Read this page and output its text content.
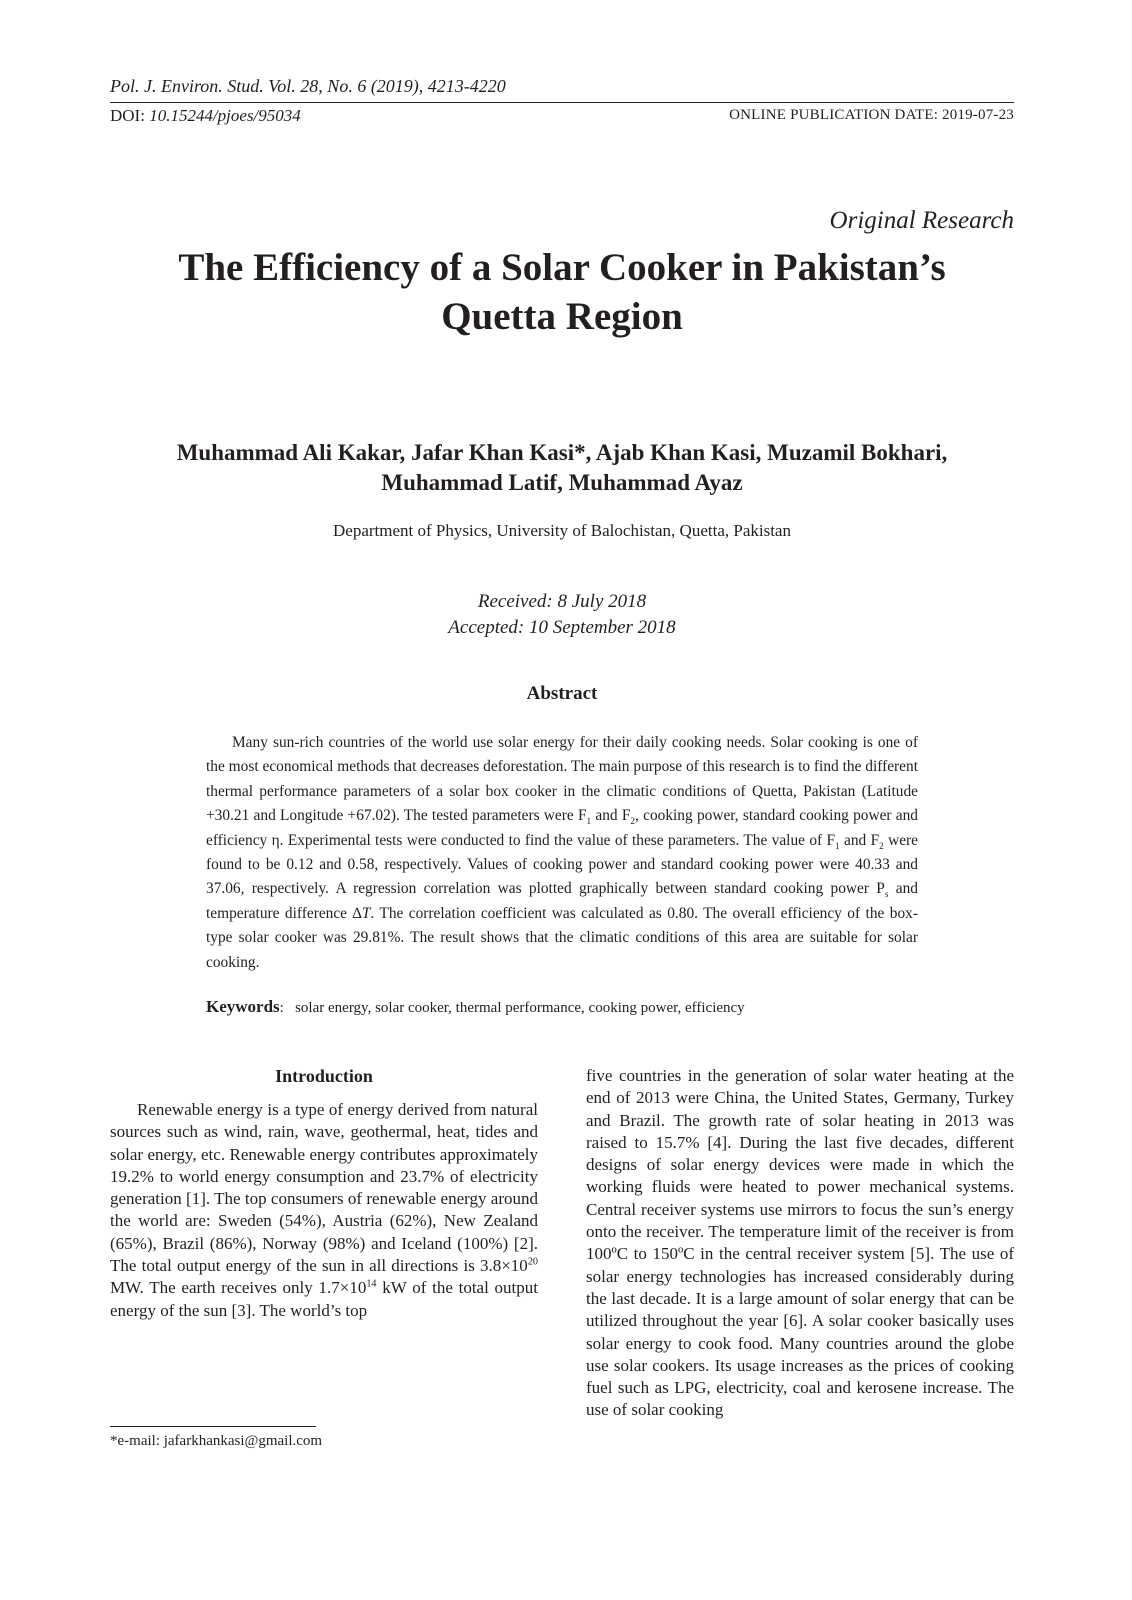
Pol. J. Environ. Stud. Vol. 28, No. 6 (2019), 4213-4220
DOI: 10.15244/pjoes/95034	ONLINE PUBLICATION DATE: 2019-07-23
Original Research
The Efficiency of a Solar Cooker in Pakistan’s
Quetta Region
Muhammad Ali Kakar, Jafar Khan Kasi*, Ajab Khan Kasi, Muzamil Bokhari,
Muhammad Latif, Muhammad Ayaz
Department of Physics, University of Balochistan, Quetta, Pakistan
Received: 8 July 2018
Accepted: 10 September 2018
Abstract

Many sun-rich countries of the world use solar energy for their daily cooking needs. Solar cooking is one of the most economical methods that decreases deforestation. The main purpose of this research is to find the different thermal performance parameters of a solar box cooker in the climatic conditions of Quetta, Pakistan (Latitude +30.21 and Longitude +67.02). The tested parameters were $F_1$ and $F_2$, cooking power, standard cooking power and efficiency η. Experimental tests were conducted to find the value of these parameters. The value of $F_1$ and $F_2$ were found to be 0.12 and 0.58, respectively. Values of cooking power and standard cooking power were 40.33 and 37.06, respectively. A regression correlation was plotted graphically between standard cooking power $P_s$ and temperature difference ∆T. The correlation coefficient was calculated as 0.80. The overall efficiency of the box-type solar cooker was 29.81%. The result shows that the climatic conditions of this area are suitable for solar cooking.

Keywords: solar energy, solar cooker, thermal performance, cooking power, efficiency
Introduction

Renewable energy is a type of energy derived from natural sources such as wind, rain, wave, geothermal, heat, tides and solar energy, etc. Renewable energy contributes approximately 19.2% to world energy consumption and 23.7% of electricity generation [1]. The top consumers of renewable energy around the world are: Sweden (54%), Austria (62%), New Zealand (65%), Brazil (86%), Norway (98%) and Iceland (100%) [2]. The total output energy of the sun in all directions is $3.8\times 10^{20}$ MW. The earth receives only $1.7\times 10^{14}$ kW of the total output energy of the sun [3]. The world’s top

five countries in the generation of solar water heating at the end of 2013 were China, the United States, Germany, Turkey and Brazil. The growth rate of solar heating in 2013 was raised to 15.7% [4]. During the last five decades, different designs of solar energy devices were made in which the working fluids were heated to power mechanical systems. Central receiver systems use mirrors to focus the sun’s energy onto the receiver. The temperature limit of the receiver is from 100ºC to 150ºC in the central receiver system [5]. The use of solar energy technologies has increased considerably during the last decade. It is a large amount of solar energy that can be utilized throughout the year [6]. A solar cooker basically uses solar energy to cook food. Many countries around the globe use solar cookers. Its usage increases as the prices of cooking fuel such as LPG, electricity, coal and kerosene increase. The use of solar cooking

*e-mail: jafarkhankasi@gmail.com
